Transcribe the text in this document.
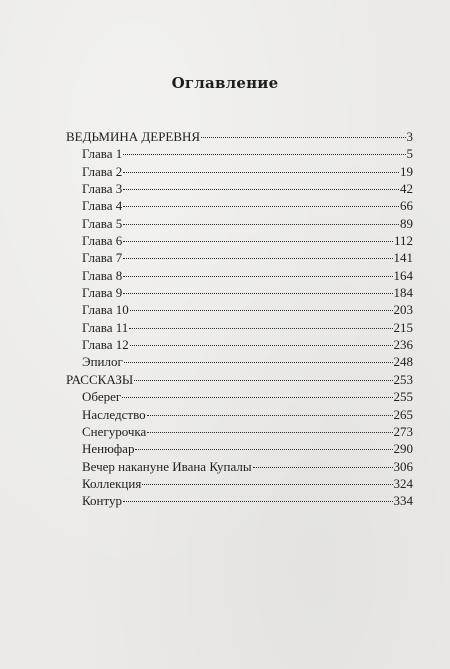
Оглавление
ВЕДЬМИНА ДЕРЕВНЯ	3
Глава 1	5
Глава 2	19
Глава 3	42
Глава 4	66
Глава 5	89
Глава 6	112
Глава 7	141
Глава 8	164
Глава 9	184
Глава 10	203
Глава 11	215
Глава 12	236
Эпилог	248
РАССКАЗЫ	253
Оберег	255
Наследство	265
Снегурочка	273
Ненюфар	290
Вечер накануне Ивана Купалы	306
Коллекция	324
Контур	334
